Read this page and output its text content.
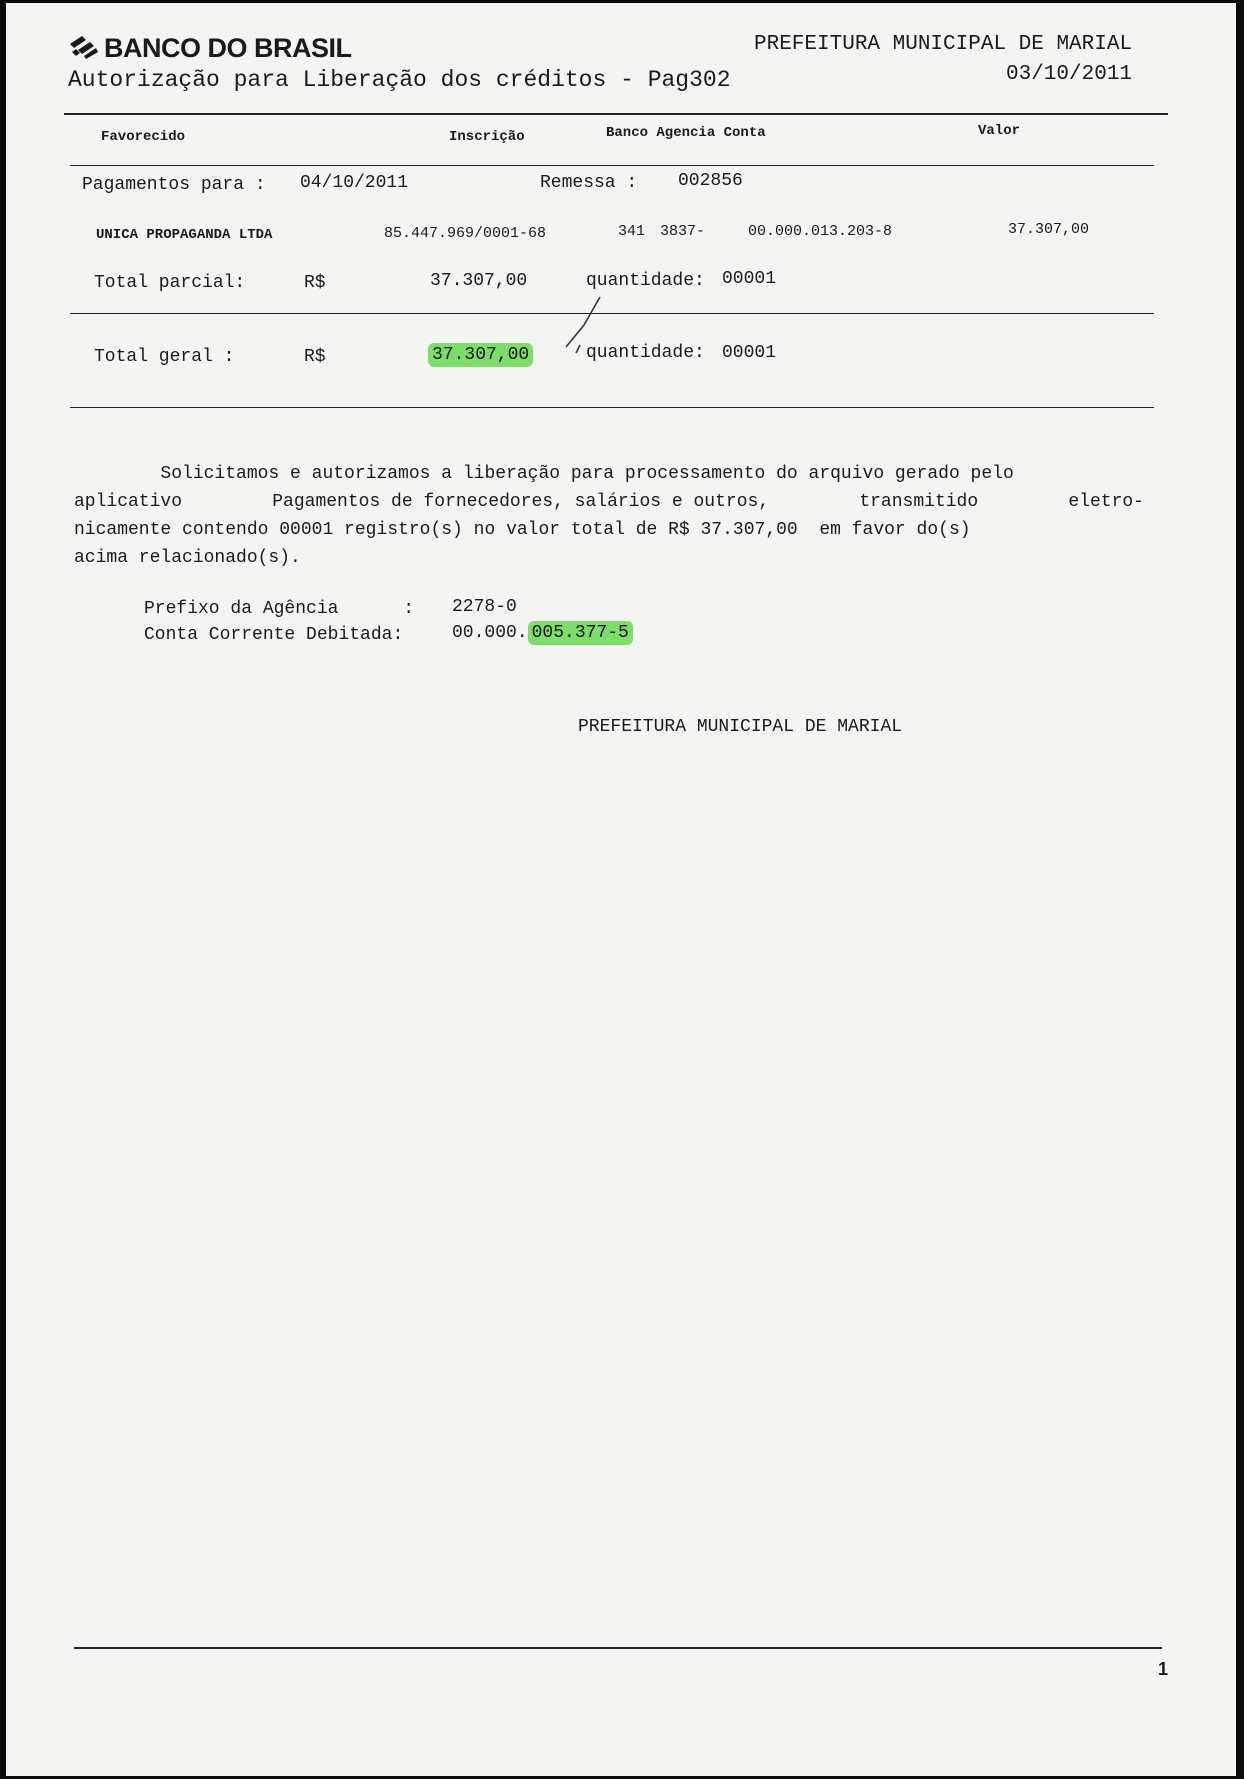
BANCO DO BRASIL
Autorização para Liberação dos créditos - Pag302
PREFEITURA MUNICIPAL DE MARIAL
03/10/2011
Favorecido	Inscrição	Banco Agencia Conta	Valor
Pagamentos para : 04/10/2011	Remessa : 002856
UNICA PROPAGANDA LTDA	85.447.969/0001-68	341 3837-	00.000.013.203-8	37.307,00
Total parcial:	R$	37.307,00	quantidade: 00001
Total geral :	R$	37.307,00	quantidade: 00001
Solicitamos e autorizamos a liberação para processamento do arquivo gerado pelo
aplicativo	Pagamentos de fornecedores, salários e outros,	transmitido	eletro-
nicamente contendo 00001 registro(s) no valor total de R$ 37.307,00  em favor do(s)
acima relacionado(s).
Prefixo da Agência      : 2278-0
Conta Corrente Debitada:	00.000. 005.377-5
PREFEITURA MUNICIPAL DE MARIAL
1
